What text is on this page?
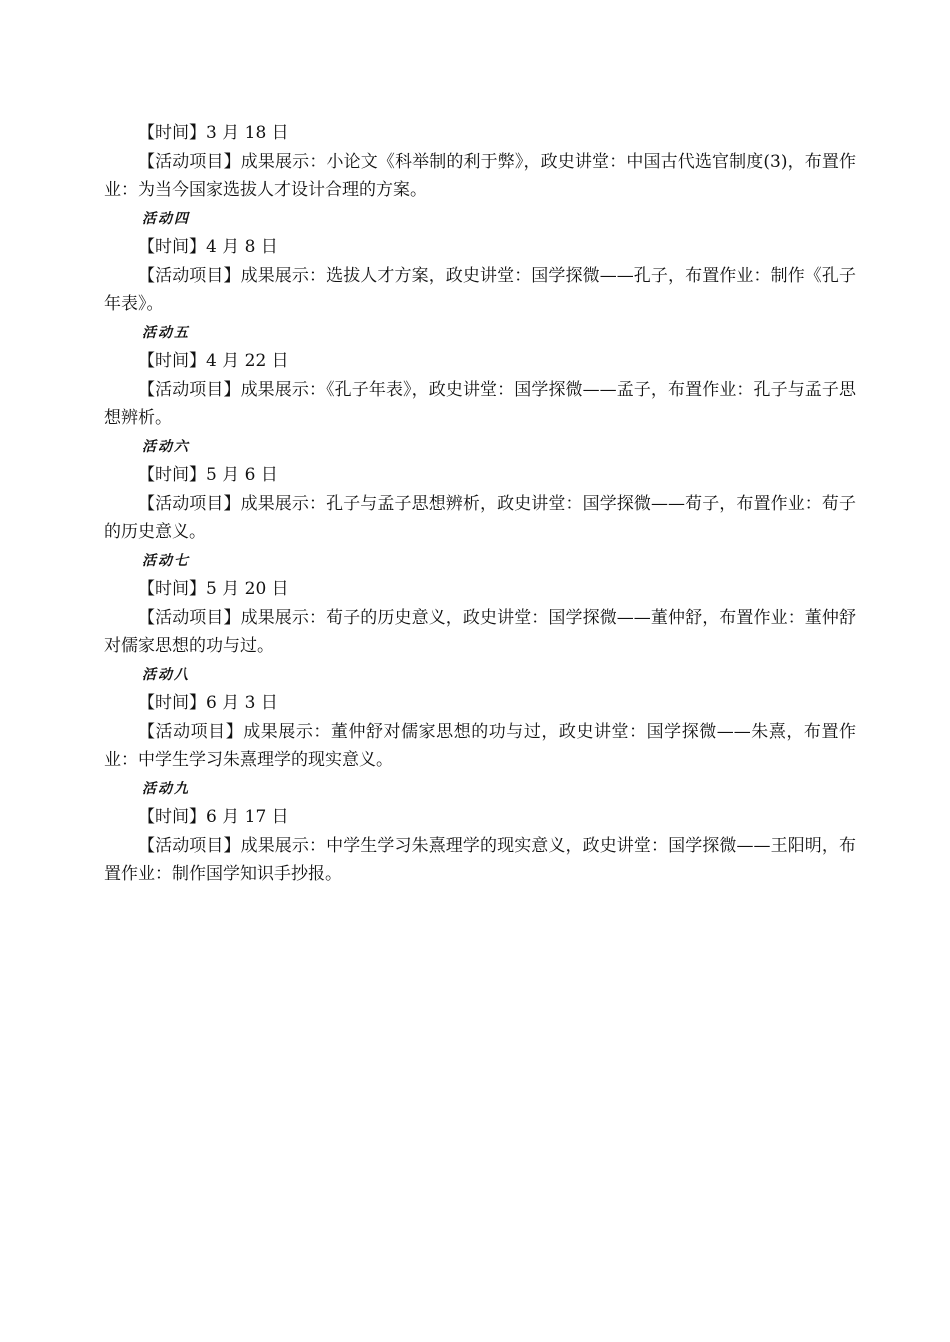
【时间】3 月 18 日

【活动项目】成果展示：小论文《科举制的利于弊》，政史讲堂：中国古代选官制度(3)，布置作业：为当今国家选拔人才设计合理的方案。

活动四
【时间】4 月 8 日

【活动项目】成果展示：选拔人才方案，政史讲堂：国学探微——孔子，布置作业：制作《孔子年表》。

活动五
【时间】4 月 22 日

【活动项目】成果展示：《孔子年表》，政史讲堂：国学探微——孟子，布置作业：孔子与孟子思想辨析。

活动六
【时间】5 月 6 日

【活动项目】成果展示：孔子与孟子思想辨析，政史讲堂：国学探微——荀子，布置作业：荀子的历史意义。

活动七
【时间】5 月 20 日

【活动项目】成果展示：荀子的历史意义，政史讲堂：国学探微——董仲舒，布置作业：董仲舒对儒家思想的功与过。

活动八
【时间】6 月 3 日

【活动项目】成果展示：董仲舒对儒家思想的功与过，政史讲堂：国学探微——朱熹，布置作业：中学生学习朱熹理学的现实意义。

活动九
【时间】6 月 17 日

【活动项目】成果展示：中学生学习朱熹理学的现实意义，政史讲堂：国学探微——王阳明，布置作业：制作国学知识手抄报。
